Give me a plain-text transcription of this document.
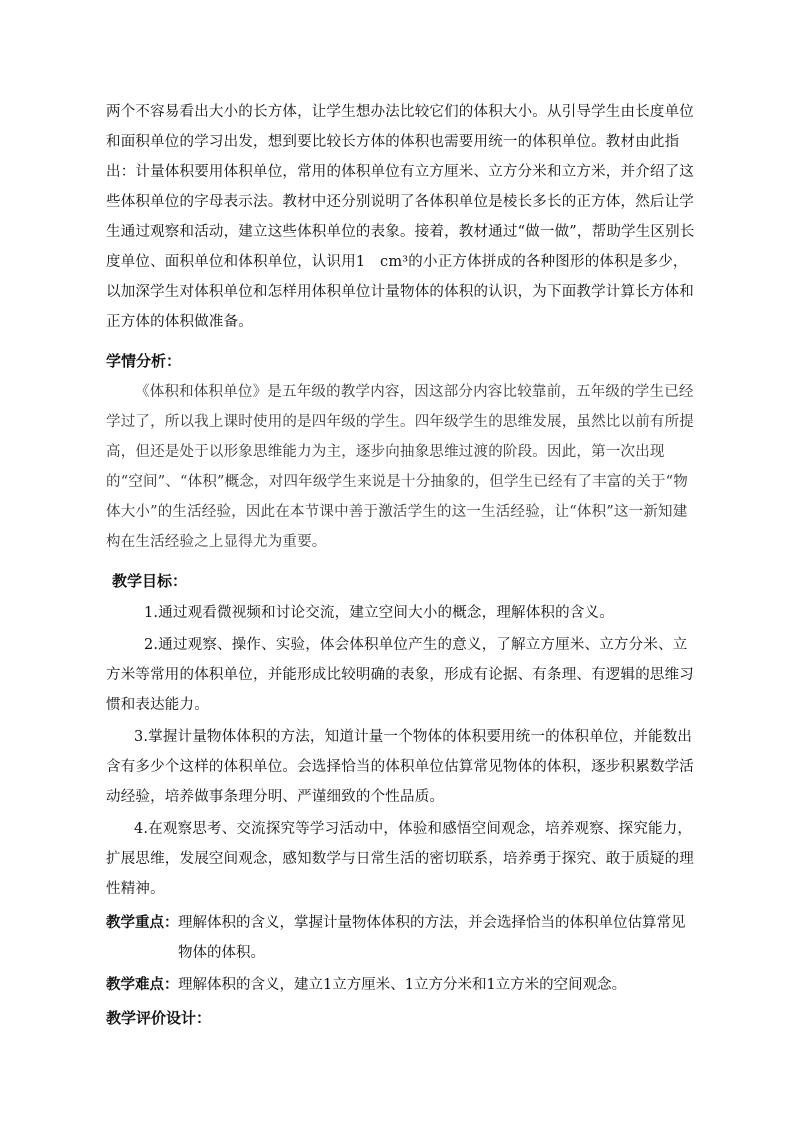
两个不容易看出大小的长方体，让学生想办法比较它们的体积大小。从引导学生由长度单位和面积单位的学习出发，想到要比较长方体的体积也需要用统一的体积单位。教材由此指出：计量体积要用体积单位，常用的体积单位有立方厘米、立方分米和立方米，并介绍了这些体积单位的字母表示法。教材中还分别说明了各体积单位是棱长多长的正方体，然后让学生通过观察和活动，建立这些体积单位的表象。接着，教材通过“做一做”，帮助学生区别长度单位、面积单位和体积单位，认识用1　cm³的小正方体拼成的各种图形的体积是多少，以加深学生对体积单位和怎样用体积单位计量物体的体积的认识，为下面教学计算长方体和正方体的体积做准备。
学情分析：
《体积和体积单位》是五年级的教学内容，因这部分内容比较靠前，五年级的学生已经学过了，所以我上课时使用的是四年级的学生。四年级学生的思维发展，虽然比以前有所提高，但还是处于以形象思维能力为主，逐步向抽象思维过渡的阶段。因此，第一次出现的“空间”、“体积”概念，对四年级学生来说是十分抽象的，但学生已经有了丰富的关于“物体大小”的生活经验，因此在本节课中善于激活学生的这一生活经验，让“体积”这一新知建构在生活经验之上显得尤为重要。
教学目标：
1.通过观看微视频和讨论交流，建立空间大小的概念，理解体积的含义。
2.通过观察、操作、实验，体会体积单位产生的意义，了解立方厘米、立方分米、立方米等常用的体积单位，并能形成比较明确的表象，形成有论据、有条理、有逻辑的思维习惯和表达能力。
3.掌握计量物体体积的方法，知道计量一个物体的体积要用统一的体积单位，并能数出含有多少个这样的体积单位。会选择恰当的体积单位估算常见物体的体积，逐步积累数学活动经验，培养做事条理分明、严谨细致的个性品质。
4.在观察思考、交流探究等学习活动中，体验和感悟空间观念，培养观察、探究能力，扩展思维，发展空间观念，感知数学与日常生活的密切联系，培养勇于探究、敢于质疑的理性精神。
教学重点： 理解体积的含义，掌握计量物体体积的方法，并会选择恰当的体积单位估算常见物体的体积。
教学难点： 理解体积的含义，建立1立方厘米、1立方分米和1立方米的空间观念。
教学评价设计：
